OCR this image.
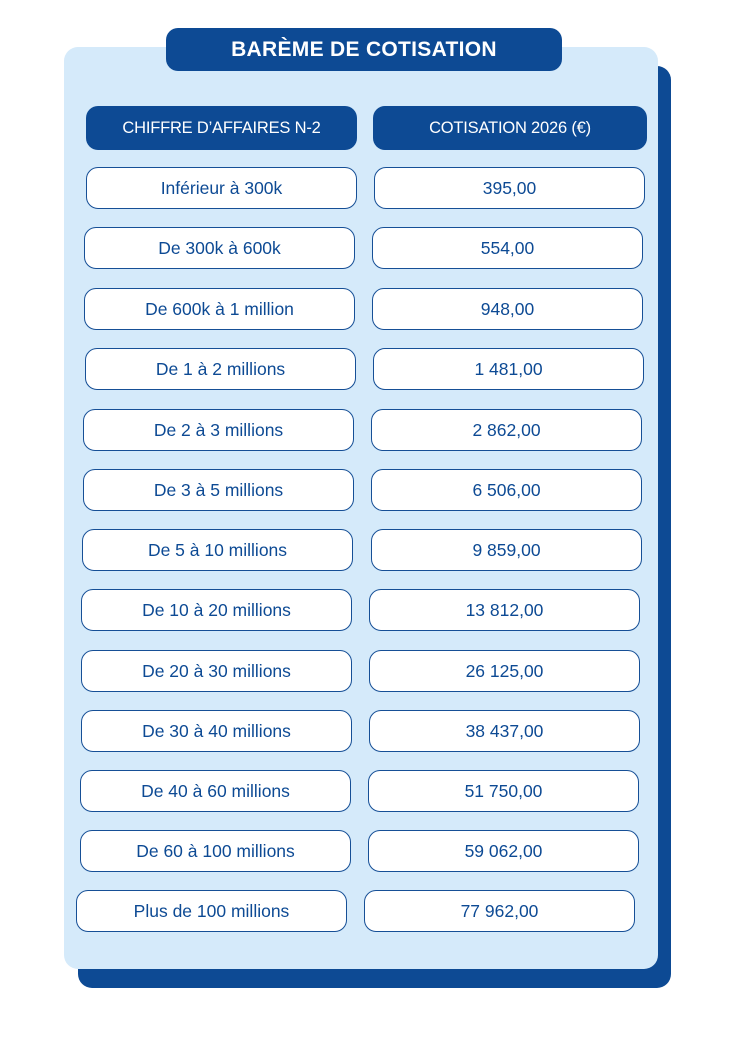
BARÈME DE COTISATION
CHIFFRE D’AFFAIRES N-2	COTISATION 2026 (€)
Inférieur à 300k	395,00
De 300k à 600k	554,00
De 600k à 1 million	948,00
De 1 à 2 millions	1 481,00
De 2 à 3 millions	2 862,00
De 3 à 5 millions	6 506,00
De 5 à 10 millions	9 859,00
De 10 à 20 millions	13 812,00
De 20 à 30 millions	26 125,00
De 30 à 40 millions	38 437,00
De 40 à 60 millions	51 750,00
De 60 à 100 millions	59 062,00
Plus de 100 millions	77 962,00
